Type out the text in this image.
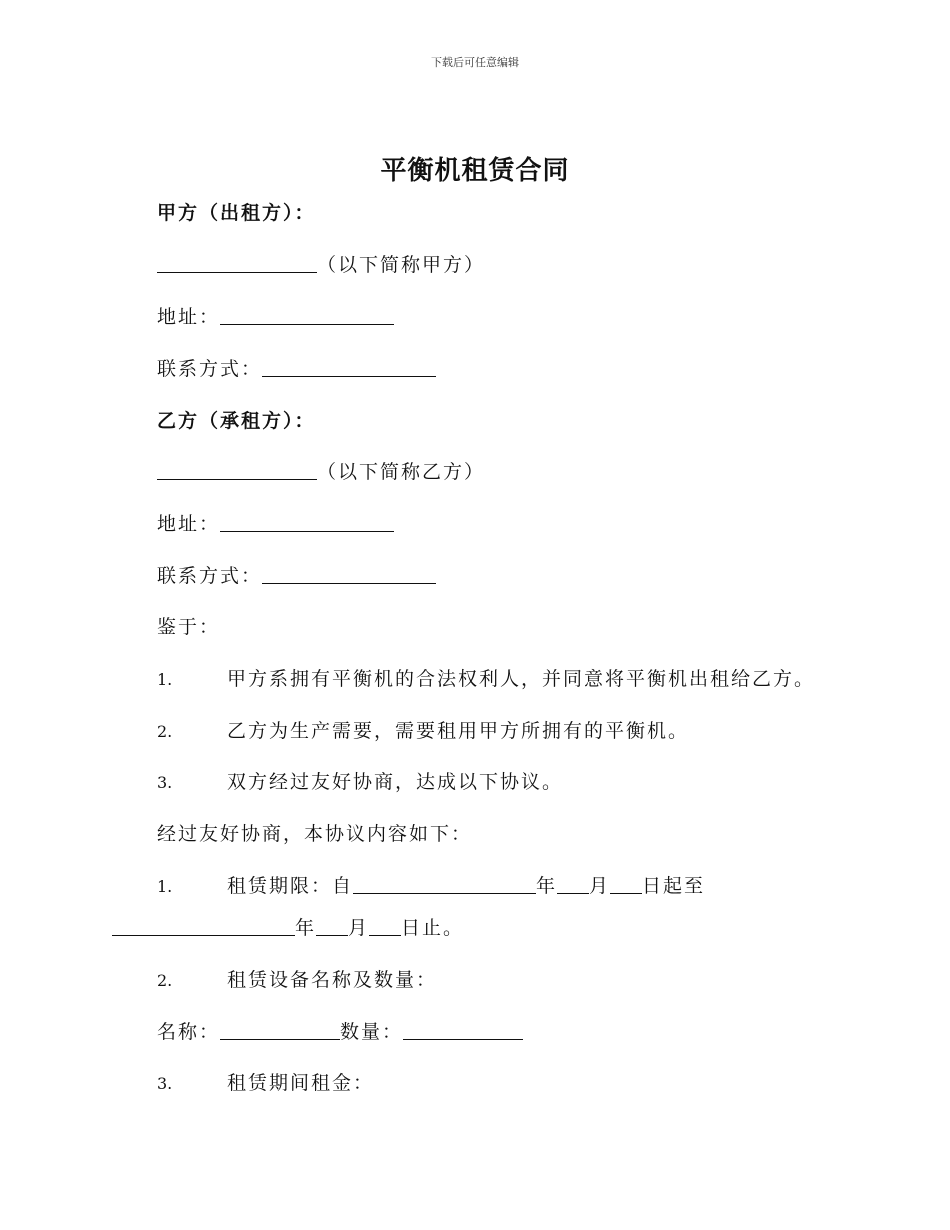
下载后可任意编辑
平衡机租赁合同
甲方（出租方）：
（以下简称甲方）
地址：
联系方式：
乙方（承租方）：
（以下简称乙方）
地址：
联系方式：
鉴于：
1.	甲方系拥有平衡机的合法权利人，并同意将平衡机出租给乙方。
2.	乙方为生产需要，需要租用甲方所拥有的平衡机。
3.	双方经过友好协商，达成以下协议。
经过友好协商，本协议内容如下：
1.	租赁期限：自	年 月 日起至
年 月 日止。
2.	租赁设备名称及数量：
名称：	数量：
3.	租赁期间租金：
